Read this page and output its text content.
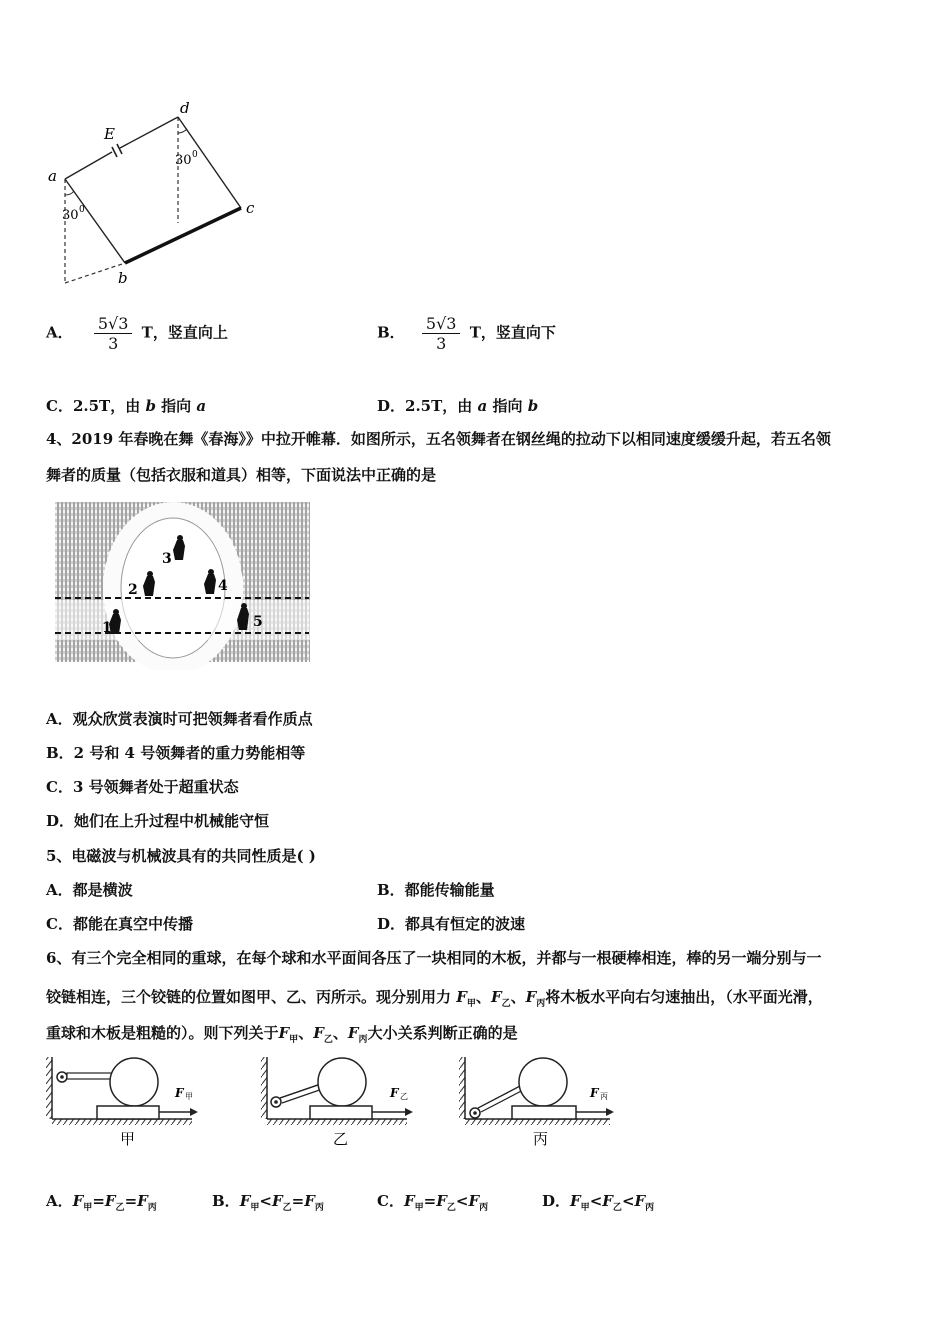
E
a
b
c
d
30 0
30 0
A． $\frac{5√3}{3}$ T，竖直向上	B． $\frac{5√3}{3}$ T，竖直向下
C．2.5T，由 b 指向 a	D．2.5T，由 a 指向 b
4、2019 年春晚在舞《春海》》中拉开帷幕．如图所示，五名领舞者在钢丝绳的拉动下以相同速度缓缓升起，若五名领
舞者的质量（包括衣服和道具）相等，下面说法中正确的是
1
2
3
4
5
A．观众欣赏表演时可把领舞者看作质点
B．2 号和 4 号领舞者的重力势能相等
C．3 号领舞者处于超重状态
D．她们在上升过程中机械能守恒
5、电磁波与机械波具有的共同性质是( )
A．都是横波	B．都能传输能量
C．都能在真空中传播	D．都具有恒定的波速
6、有三个完全相同的重球，在每个球和水平面间各压了一块相同的木板，并都与一根硬棒相连，棒的另一端分别与一
铰链相连，三个铰链的位置如图甲、乙、丙所示。现分别用力 $F_甲$、$F_乙$、$F_丙$将木板水平向右匀速抽出，（水平面光滑，
重球和木板是粗糙的）。则下列关于$F_甲$、$F_乙$、$F_丙$大小关系判断正确的是
F 甲
甲
F 乙
乙
F 丙
丙
A．$F_甲=F_乙=F_丙$	B．$F_甲<F_乙=F_丙$	C．$F_甲=F_乙<F_丙$	D．$F_甲<F_乙<F_丙$
